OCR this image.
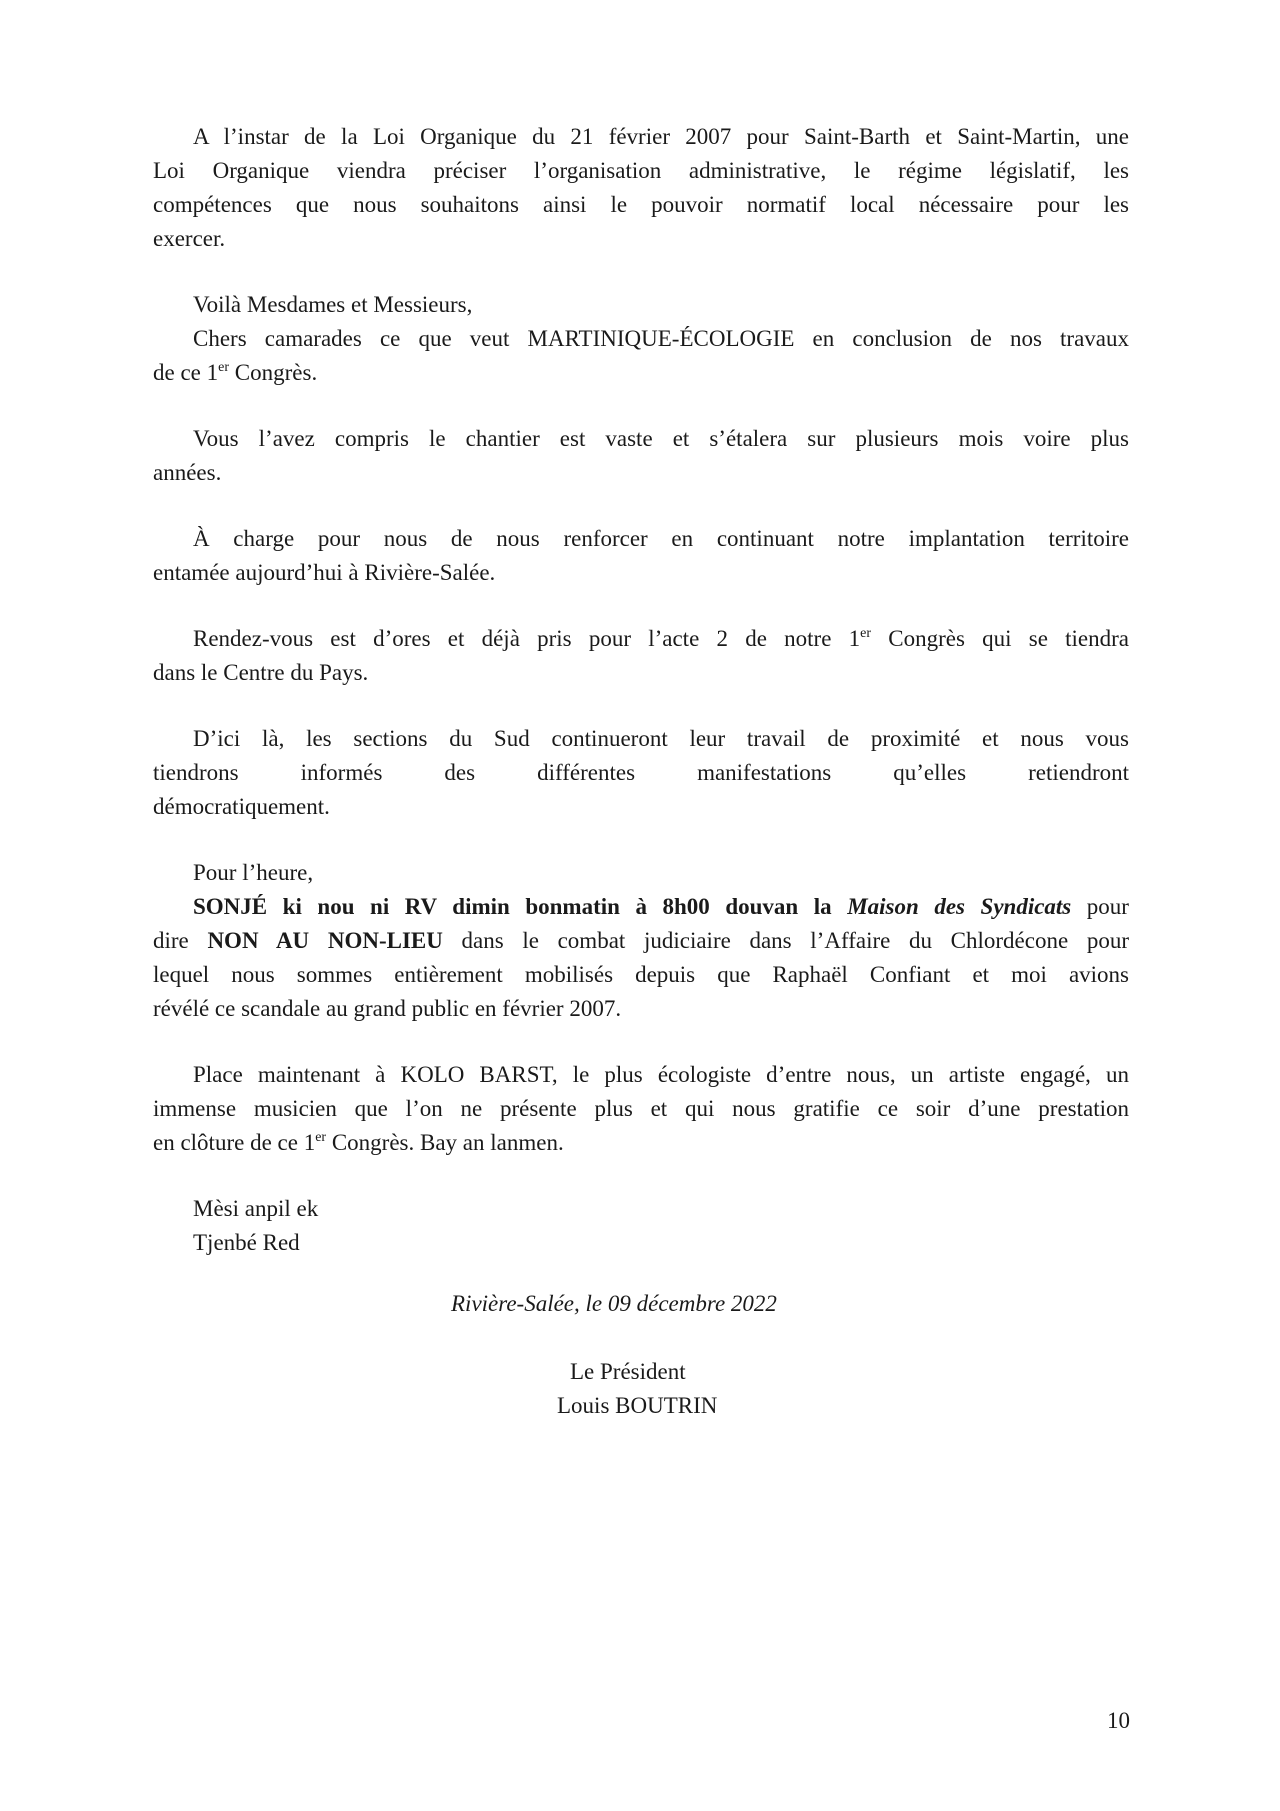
A l’instar de la Loi Organique du 21 février 2007 pour Saint-Barth et Saint-Martin, une
Loi Organique viendra préciser l’organisation administrative, le régime législatif, les
compétences que nous souhaitons ainsi le pouvoir normatif local nécessaire pour les
exercer.

Voilà Mesdames et Messieurs,
Chers camarades ce que veut MARTINIQUE-ÉCOLOGIE en conclusion de nos travaux
de ce 1er Congrès.

Vous l’avez compris le chantier est vaste et s’étalera sur plusieurs mois voire plus
années.

À charge pour nous de nous renforcer en continuant notre implantation territoire
entamée aujourd’hui à Rivière-Salée.

Rendez-vous est d’ores et déjà pris pour l’acte 2 de notre 1er Congrès qui se tiendra
dans le Centre du Pays.

D’ici là, les sections du Sud continueront leur travail de proximité et nous vous
tiendrons informés des différentes manifestations qu’elles retiendront
démocratiquement.

Pour l’heure,
SONJÉ ki nou ni RV dimin bonmatin à 8h00 douvan la Maison des Syndicats pour
dire NON AU NON-LIEU dans le combat judiciaire dans l’Affaire du Chlordécone pour
lequel nous sommes entièrement mobilisés depuis que Raphaël Confiant et moi avions
révélé ce scandale au grand public en février 2007.

Place maintenant à KOLO BARST, le plus écologiste d’entre nous, un artiste engagé, un
immense musicien que l’on ne présente plus et qui nous gratifie ce soir d’une prestation
en clôture de ce 1er Congrès. Bay an lanmen.

Mèsi anpil ek
Tjenbé Red
Rivière-Salée, le 09 décembre 2022
Le Président
Louis BOUTRIN
10
